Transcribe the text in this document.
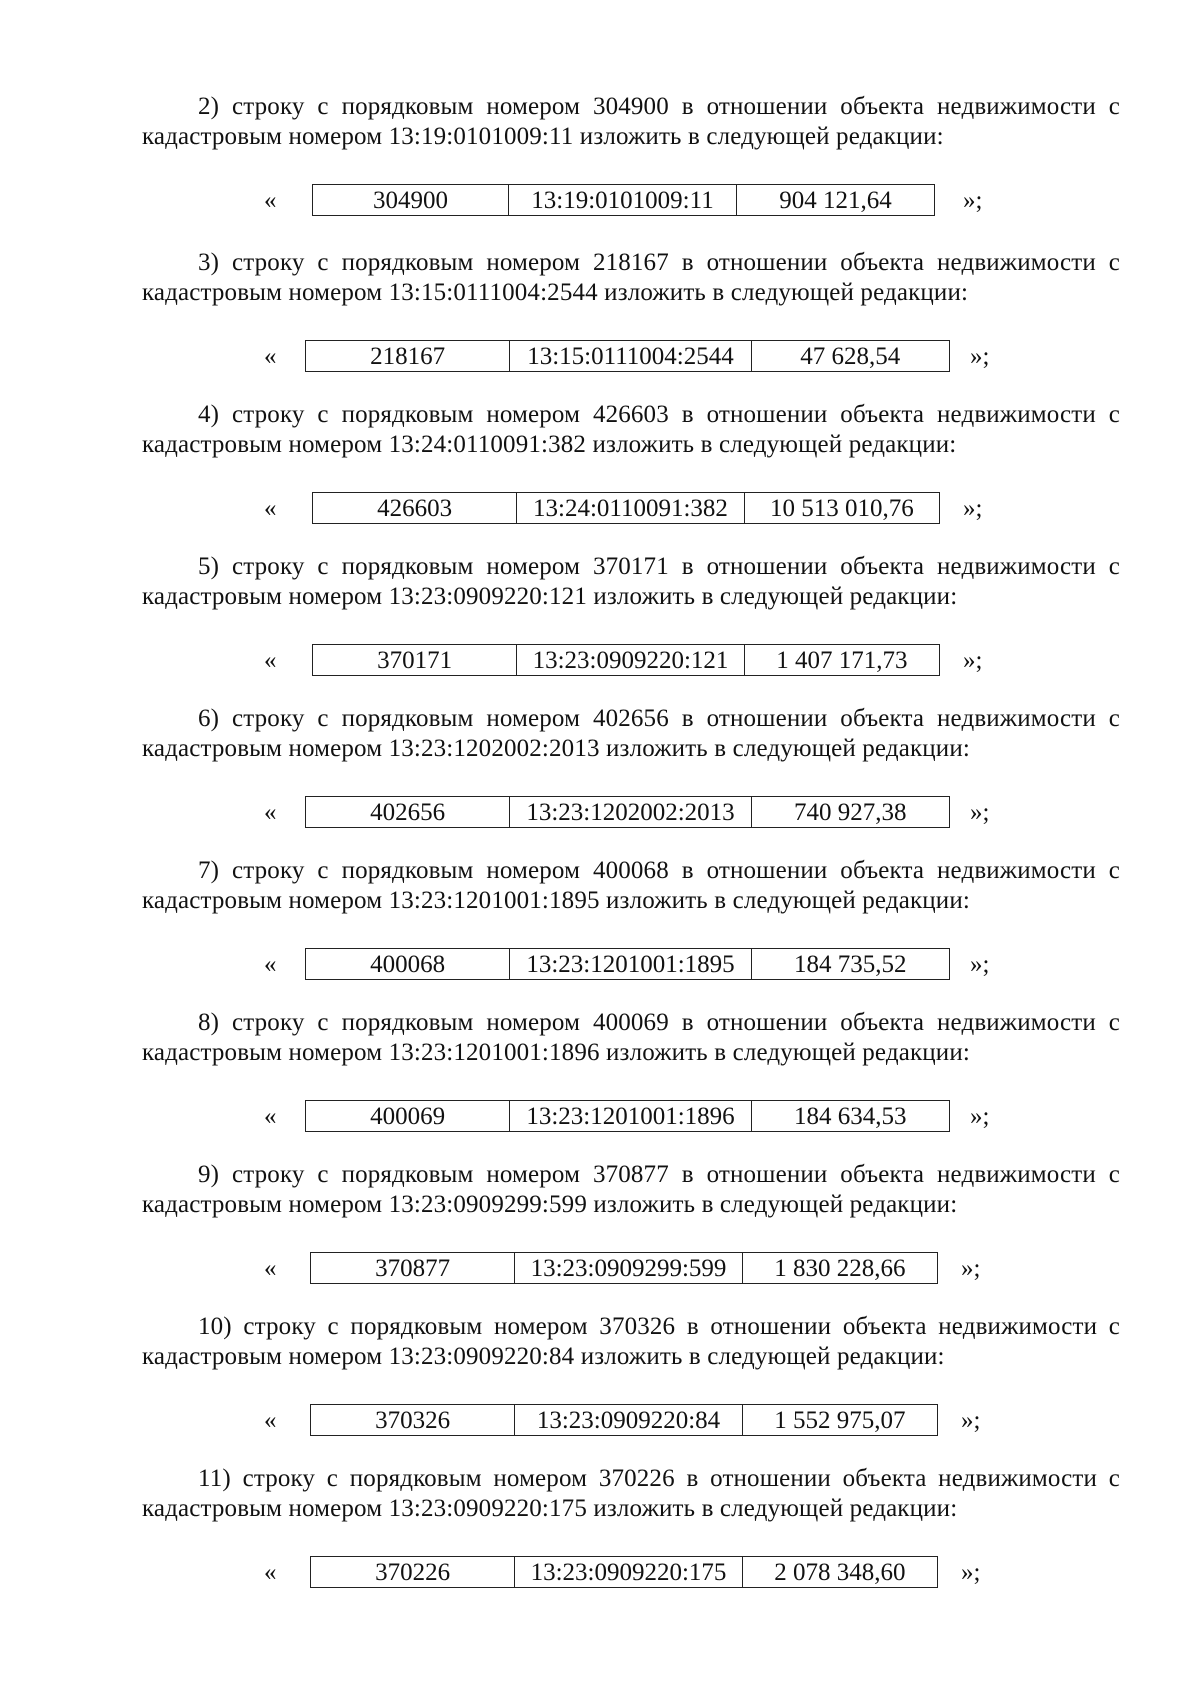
2) строку с порядковым номером 304900 в отношении объекта недвижимости с
кадастровым номером 13:19:0101009:11 изложить в следующей редакции:

«	304900	13:19:0101009:11	904 121,64	»;

3) строку с порядковым номером 218167 в отношении объекта недвижимости с
кадастровым номером 13:15:0111004:2544 изложить в следующей редакции:

«	218167	13:15:0111004:2544	47 628,54	»;

4) строку с порядковым номером 426603 в отношении объекта недвижимости с
кадастровым номером 13:24:0110091:382 изложить в следующей редакции:

«	426603	13:24:0110091:382	10 513 010,76	»;

5) строку с порядковым номером 370171 в отношении объекта недвижимости с
кадастровым номером 13:23:0909220:121 изложить в следующей редакции:

«	370171	13:23:0909220:121	1 407 171,73	»;

6) строку с порядковым номером 402656 в отношении объекта недвижимости с
кадастровым номером 13:23:1202002:2013 изложить в следующей редакции:

«	402656	13:23:1202002:2013	740 927,38	»;

7) строку с порядковым номером 400068 в отношении объекта недвижимости с
кадастровым номером 13:23:1201001:1895 изложить в следующей редакции:

«	400068	13:23:1201001:1895	184 735,52	»;

8) строку с порядковым номером 400069 в отношении объекта недвижимости с
кадастровым номером 13:23:1201001:1896 изложить в следующей редакции:

«	400069	13:23:1201001:1896	184 634,53	»;

9) строку с порядковым номером 370877 в отношении объекта недвижимости с
кадастровым номером 13:23:0909299:599 изложить в следующей редакции:

«	370877	13:23:0909299:599	1 830 228,66	»;

10) строку с порядковым номером 370326 в отношении объекта недвижимости с
кадастровым номером 13:23:0909220:84 изложить в следующей редакции:

«	370326	13:23:0909220:84	1 552 975,07	»;

11) строку с порядковым номером 370226 в отношении объекта недвижимости с
кадастровым номером 13:23:0909220:175 изложить в следующей редакции:

«	370226	13:23:0909220:175	2 078 348,60	»;
